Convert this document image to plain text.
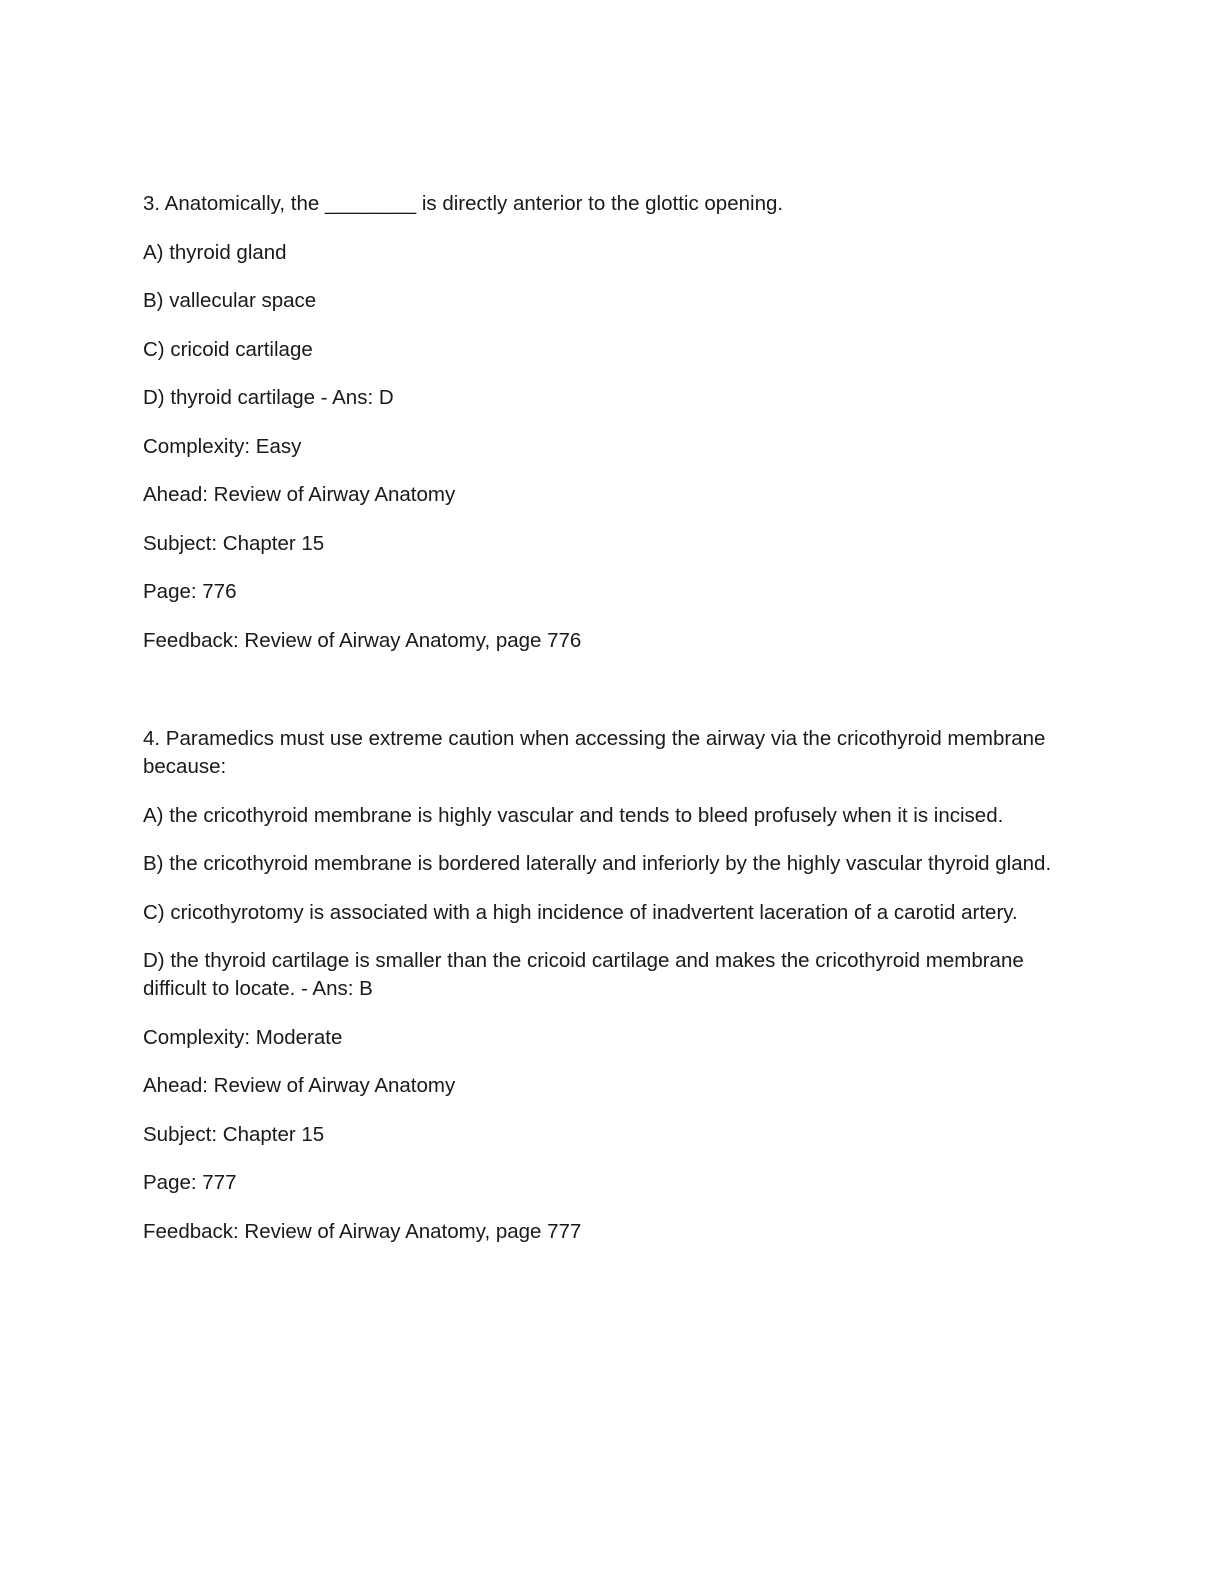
3. Anatomically, the ________ is directly anterior to the glottic opening.

A) thyroid gland

B) vallecular space

C) cricoid cartilage

D) thyroid cartilage - Ans: D

Complexity: Easy

Ahead: Review of Airway Anatomy

Subject: Chapter 15

Page: 776

Feedback: Review of Airway Anatomy, page 776

4. Paramedics must use extreme caution when accessing the airway via the cricothyroid membrane because:

A) the cricothyroid membrane is highly vascular and tends to bleed profusely when it is incised.

B) the cricothyroid membrane is bordered laterally and inferiorly by the highly vascular thyroid gland.

C) cricothyrotomy is associated with a high incidence of inadvertent laceration of a carotid artery.

D) the thyroid cartilage is smaller than the cricoid cartilage and makes the cricothyroid membrane difficult to locate. - Ans: B

Complexity: Moderate

Ahead: Review of Airway Anatomy

Subject: Chapter 15

Page: 777

Feedback: Review of Airway Anatomy, page 777
